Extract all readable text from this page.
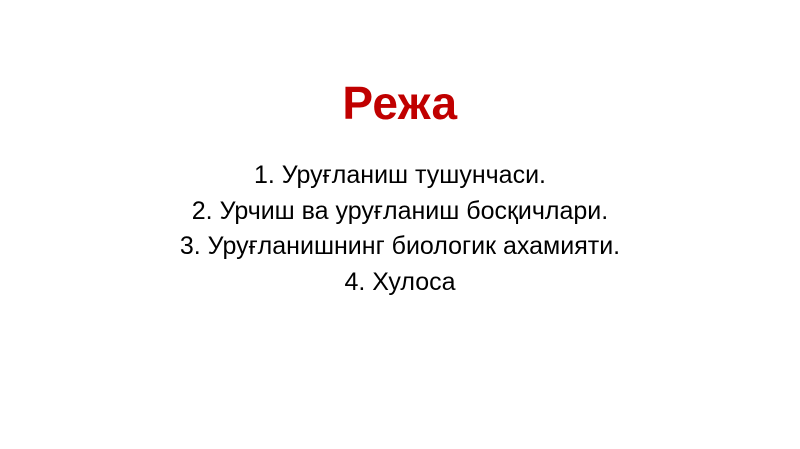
Режа
1. Уруғланиш тушунчаси.
2. Урчиш ва уруғланиш босқичлари.
3. Уруғланишнинг биологик ахамияти.
4. Хулоса
